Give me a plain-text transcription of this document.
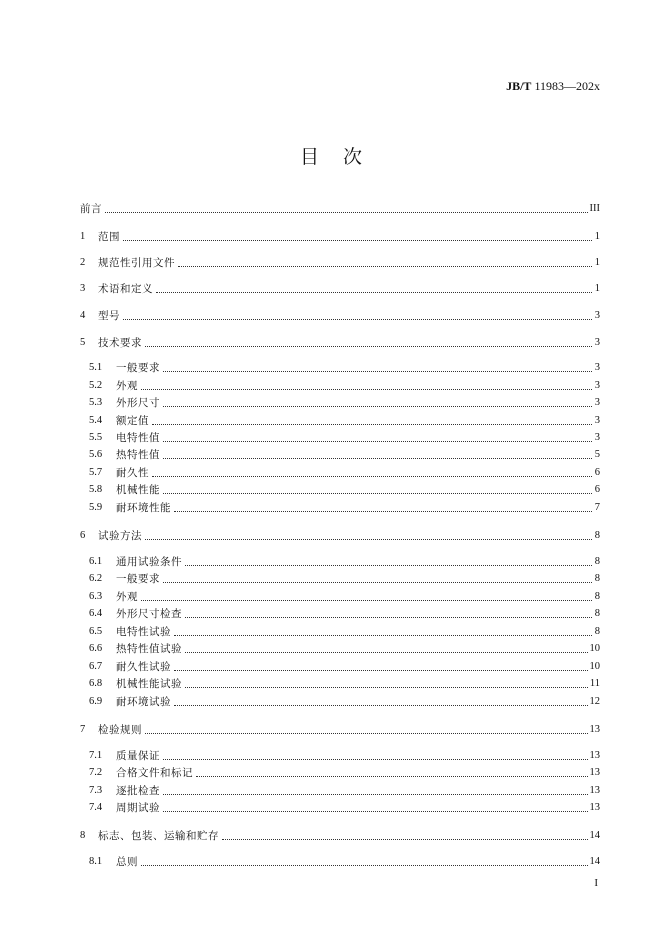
JB/T 11983—202x
目次
前言	III
1	范围	1
2	规范性引用文件	1
3	术语和定义	1
4	型号	3
5	技术要求	3
5.1	一般要求	3
5.2	外观	3
5.3	外形尺寸	3
5.4	额定值	3
5.5	电特性值	3
5.6	热特性值	5
5.7	耐久性	6
5.8	机械性能	6
5.9	耐环境性能	7
6	试验方法	8
6.1	通用试验条件	8
6.2	一般要求	8
6.3	外观	8
6.4	外形尺寸检查	8
6.5	电特性试验	8
6.6	热特性值试验	10
6.7	耐久性试验	10
6.8	机械性能试验	11
6.9	耐环境试验	12
7	检验规则	13
7.1	质量保证	13
7.2	合格文件和标记	13
7.3	逐批检查	13
7.4	周期试验	13
8	标志、包装、运输和贮存	14
8.1	总则	14
I
